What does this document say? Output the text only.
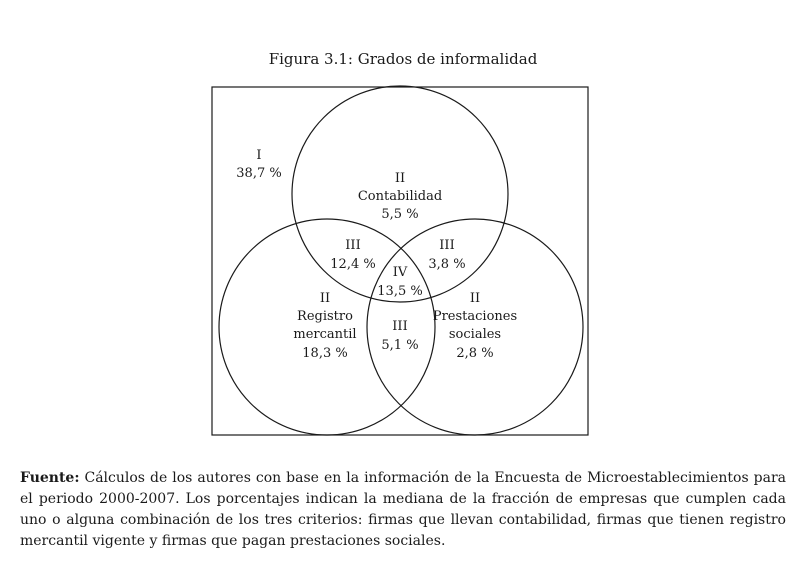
Figura 3.1: Grados de informalidad
I
38,7 %	II
Contabilidad
5,5 %
III
12,4 %
III
3,8 %
IV
13,5 %
II
Registro
mercantil
18,3 %
III
5,1 %
II
Prestaciones
sociales
2,8 %
Fuente: Cálculos de los autores con base en la información de la Encuesta de Microestablecimientos para el periodo 2000-2007. Los porcentajes indican la mediana de la fracción de empresas que cumplen cada uno o alguna combinación de los tres criterios: firmas que llevan contabilidad, firmas que tienen registro mercantil vigente y firmas que pagan prestaciones sociales.
